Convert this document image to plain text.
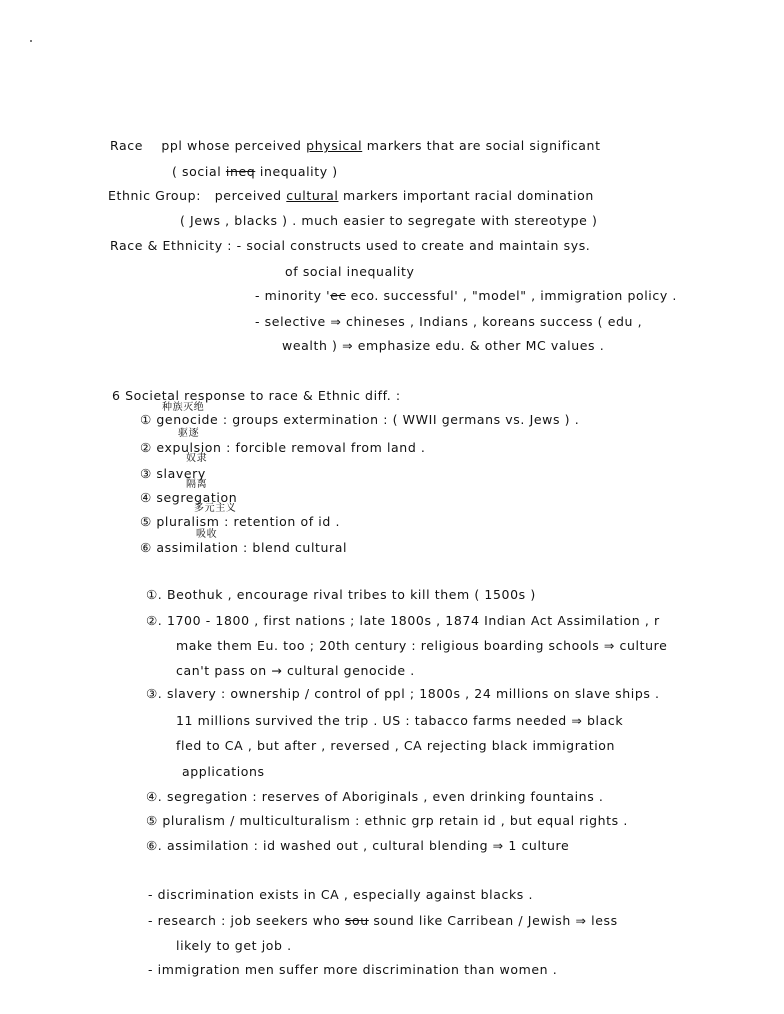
Race ppl whose perceived physical markers that are social significant
( social ineq inequality )
Ethnic Group: perceived cultural markers important racial domination
( Jews , blacks ) . much easier to segregate with stereotype )
Race & Ethnicity : - social constructs used to create and maintain sys.
of social inequality
- minority 'ec eco. successful' , "model" , immigration policy .
- selective ⇒ chineses , Indians , koreans success ( edu ,
wealth ) ⇒ emphasize edu. & other MC values .
6 Societal response to race & Ethnic diff. :
种族灭绝
① genocide : groups extermination : ( WWII germans vs. Jews ) .
驱逐
② expulsion : forcible removal from land .
奴隶
③ slavery
隔离
④ segregation
多元主义
⑤ pluralism : retention of id .
吸收
⑥ assimilation : blend cultural
①. Beothuk , encourage rival tribes to kill them ( 1500s )
②. 1700 - 1800 , first nations ; late 1800s , 1874 Indian Act Assimilation , r
make them Eu. too ; 20th century : religious boarding schools ⇒ culture
can't pass on → cultural genocide .
③. slavery : ownership / control of ppl ; 1800s , 24 millions on slave ships .
11 millions survived the trip . US : tabacco farms needed ⇒ black
fled to CA , but after , reversed , CA rejecting black immigration
applications
④. segregation : reserves of Aboriginals , even drinking fountains .
⑤ pluralism / multiculturalism : ethnic grp retain id , but equal rights .
⑥. assimilation : id washed out , cultural blending ⇒ 1 culture
- discrimination exists in CA , especially against blacks .
- research : job seekers who sou sound like Carribean / Jewish ⇒ less
likely to get job .
- immigration men suffer more discrimination than women .
